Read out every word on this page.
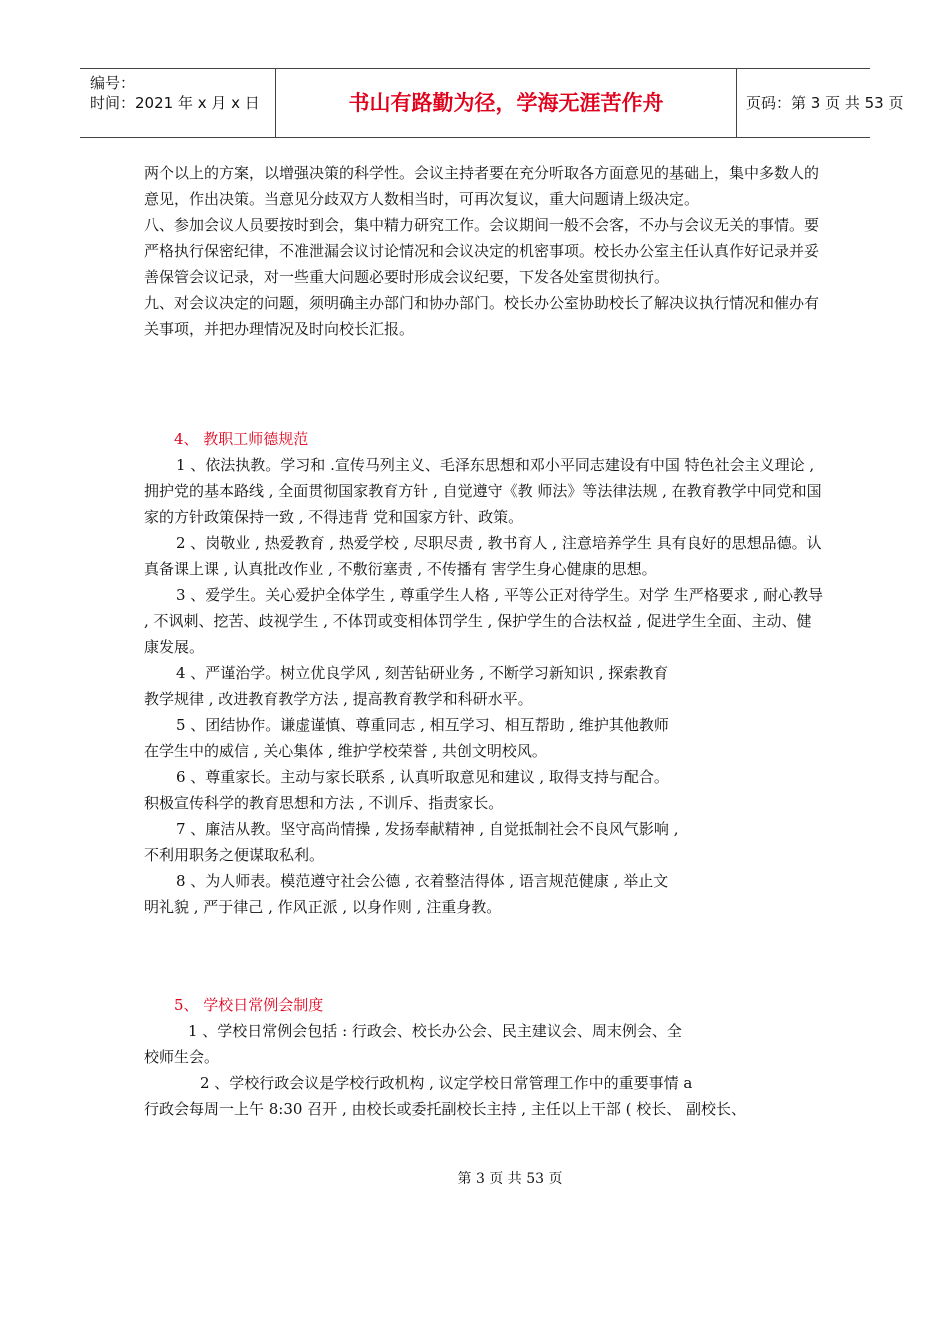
编号：
时间：2021 年 x 月 x 日	书山有路勤为径，学海无涯苦作舟	页码：第 3 页 共 53 页

两个以上的方案，以增强决策的科学性。会议主持者要在充分听取各方面意见的基础上，集中多数人的意见，作出决策。当意见分歧双方人数相当时，可再次复议，重大问题请上级决定。

八、参加会议人员要按时到会，集中精力研究工作。会议期间一般不会客，不办与会议无关的事情。要严格执行保密纪律，不准泄漏会议讨论情况和会议决定的机密事项。校长办公室主任认真作好记录并妥善保管会议记录，对一些重大问题必要时形成会议纪要，下发各处室贯彻执行。

九、对会议决定的问题，须明确主办部门和协办部门。校长办公室协助校长了解决议执行情况和催办有关事项，并把办理情况及时向校长汇报。

4、 教职工师德规范

1 、依法执教。学习和 .宣传马列主义、毛泽东思想和邓小平同志建设有中国 特色社会主义理论 , 拥护党的基本路线 , 全面贯彻国家教育方针 , 自觉遵守《教 师法》等法律法规 , 在教育教学中同党和国家的方针政策保持一致 , 不得违背 党和国家方针、政策。

2 、岗敬业 , 热爱教育 , 热爱学校 , 尽职尽责 , 教书育人 , 注意培养学生 具有良好的思想品德。认真备课上课 , 认真批改作业 , 不敷衍塞责 , 不传播有 害学生身心健康的思想。

3 、爱学生。关心爱护全体学生 , 尊重学生人格 , 平等公正对待学生。对学 生严格要求 , 耐心教导 , 不讽刺、挖苦、歧视学生 , 不体罚或变相体罚学生 , 保护学生的合法权益 , 促进学生全面、主动、健康发展。

4 、严谨治学。树立优良学风 , 刻苦钻研业务 , 不断学习新知识 , 探索教育

教学规律 , 改进教育教学方法 , 提高教育教学和科研水平。

5 、团结协作。谦虚谨慎、尊重同志 , 相互学习、相互帮助 , 维护其他教师

在学生中的威信 , 关心集体 , 维护学校荣誉 , 共创文明校风。

6 、尊重家长。主动与家长联系 , 认真听取意见和建议 , 取得支持与配合。

积极宣传科学的教育思想和方法 , 不训斥、指责家长。

7 、廉洁从教。坚守高尚情操 , 发扬奉献精神 , 自觉抵制社会不良风气影响 ,

不利用职务之便谋取私利。

8 、为人师表。模范遵守社会公德 , 衣着整洁得体 , 语言规范健康 , 举止文

明礼貌 , 严于律己 , 作风正派 , 以身作则 , 注重身教。

5、 学校日常例会制度

1 、学校日常例会包括 : 行政会、校长办公会、民主建议会、周末例会、全

校师生会。

2 、学校行政会议是学校行政机构 , 议定学校日常管理工作中的重要事情 a

行政会每周一上午 8:30 召开 , 由校长或委托副校长主持 , 主任以上干部 ( 校长、 副校长、

第 3 页 共 53 页
